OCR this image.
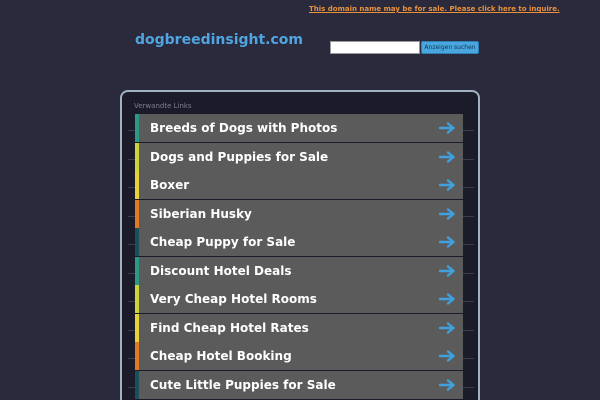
This domain name may be for sale. Please click here to inquire.
dogbreedinsight.com	Anzeigen suchen
Verwandte Links
Breeds of Dogs with Photos
Dogs and Puppies for Sale
Boxer
Siberian Husky
Cheap Puppy for Sale
Discount Hotel Deals
Very Cheap Hotel Rooms
Find Cheap Hotel Rates
Cheap Hotel Booking
Cute Little Puppies for Sale
